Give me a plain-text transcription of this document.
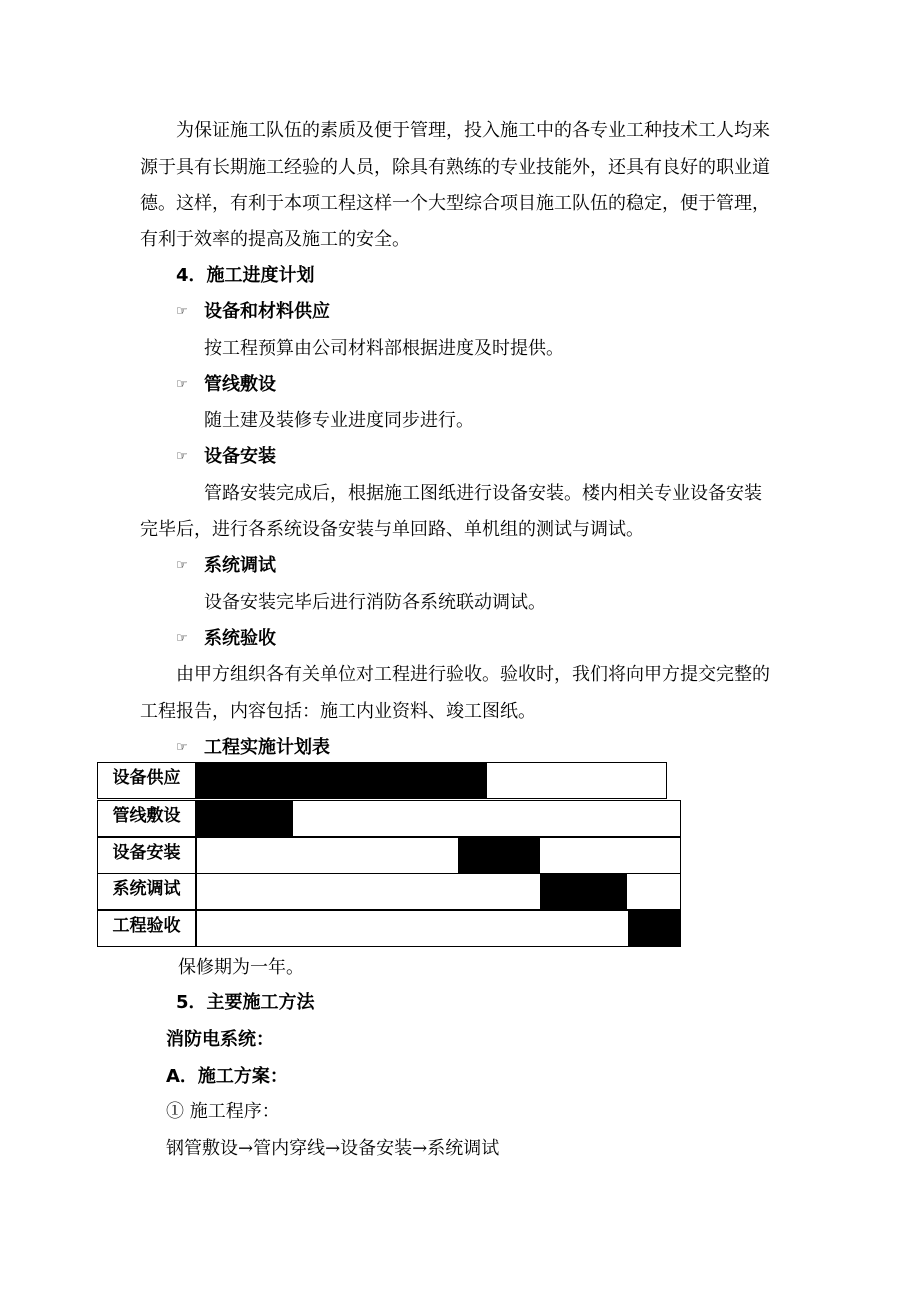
为保证施工队伍的素质及便于管理，投入施工中的各专业工种技术工人均来
源于具有长期施工经验的人员，除具有熟练的专业技能外，还具有良好的职业道
德。这样，有利于本项工程这样一个大型综合项目施工队伍的稳定，便于管理，
有利于效率的提高及施工的安全。
4．施工进度计划
☞ 设备和材料供应
按工程预算由公司材料部根据进度及时提供。
☞ 管线敷设
随土建及装修专业进度同步进行。
☞ 设备安装
管路安装完成后，根据施工图纸进行设备安装。楼内相关专业设备安装
完毕后，进行各系统设备安装与单回路、单机组的测试与调试。
☞ 系统调试
设备安装完毕后进行消防各系统联动调试。
☞ 系统验收
由甲方组织各有关单位对工程进行验收。验收时，我们将向甲方提交完整的
工程报告，内容包括：施工内业资料、竣工图纸。
☞ 工程实施计划表
设备供应
管线敷设
设备安装
系统调试
工程验收
保修期为一年。
5．主要施工方法
消防电系统：
A．施工方案：
① 施工程序：
钢管敷设→管内穿线→设备安装→系统调试
